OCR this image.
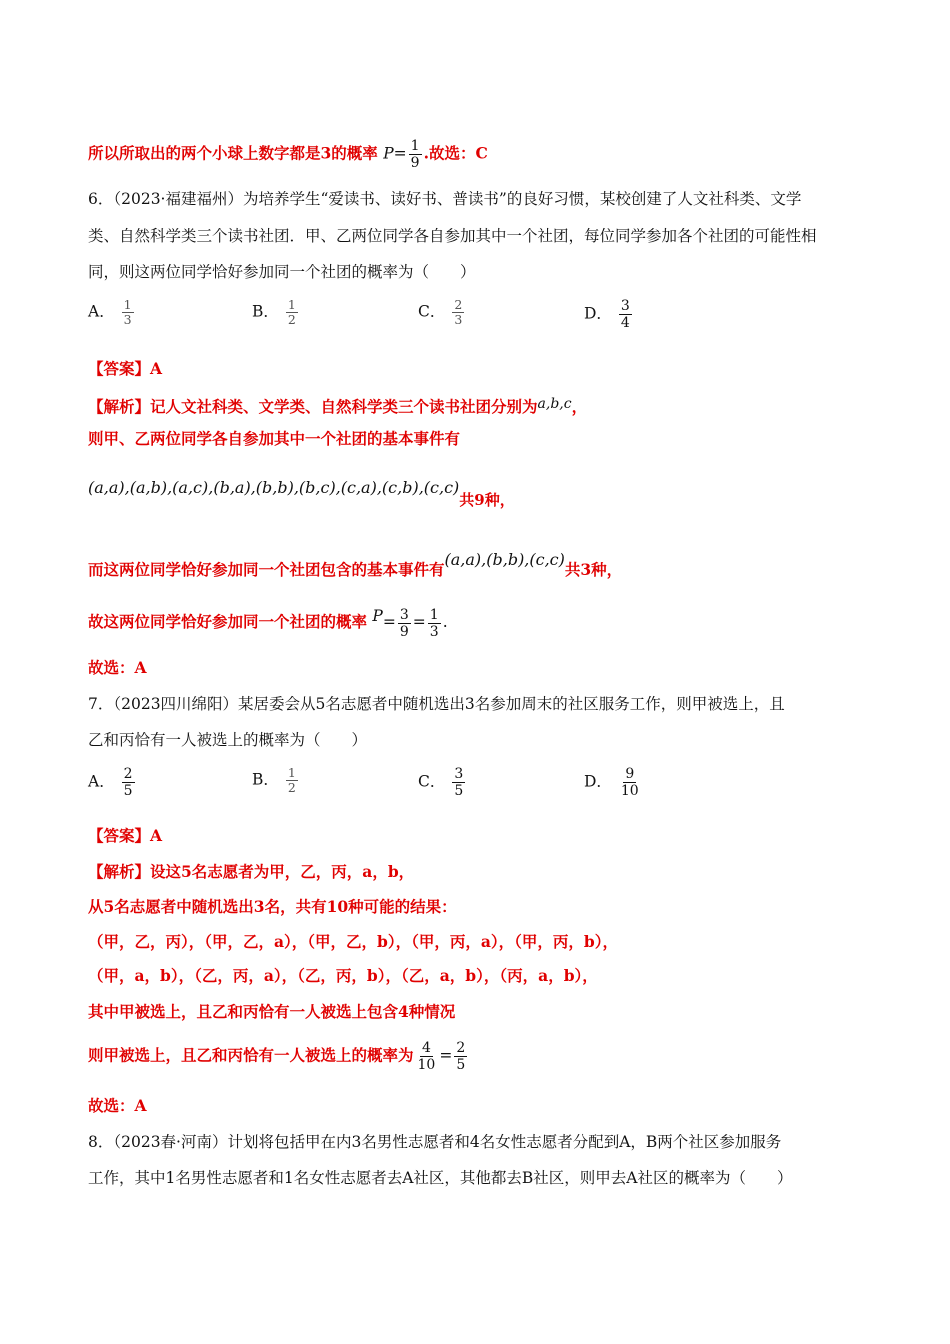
所以所取出的两个小球上数字都是3的概率 $P= \frac{1}{9}$ .故选：C
6．（2023·福建福州）为培养学生“爱读书、读好书、普读书”的良好习惯，某校创建了人文社科类、文学
类、自然科学类三个读书社团．甲、乙两位同学各自参加其中一个社团，每位同学参加各个社团的可能性相
同，则这两位同学恰好参加同一个社团的概率为（　　）
A． $\frac{1}{3}$	B． $\frac{1}{2}$	C． $\frac{2}{3}$	D． $\frac{3}{4}$
【答案】A
【解析】记人文社科类、文学类、自然科学类三个读书社团分别为a,b,c，
则甲、乙两位同学各自参加其中一个社团的基本事件有
(a,a),(a,b),(a,c),(b,a),(b,b),(b,c),(c,a),(c,b),(c,c)共9种，
而这两位同学恰好参加同一个社团包含的基本事件有(a,a),(b,b),(c,c)共3种，
故这两位同学恰好参加同一个社团的概率 $P= \frac{3}{9} = \frac{1}{3}$ .
故选：A
7．（2023四川绵阳）某居委会从5名志愿者中随机选出3名参加周末的社区服务工作，则甲被选上，且
乙和丙恰有一人被选上的概率为（　　）
A． $\frac{2}{5}$	B． $\frac{1}{2}$	C． $\frac{3}{5}$	D． $\frac{9}{10}$
【答案】A
【解析】设这5名志愿者为甲，乙，丙，a，b，
从5名志愿者中随机选出3名，共有10种可能的结果：
（甲，乙，丙），（甲，乙，a），（甲，乙，b），（甲，丙，a），（甲，丙，b），
（甲，a，b），（乙，丙，a），（乙，丙，b），（乙，a，b），（丙，a，b），
其中甲被选上，且乙和丙恰有一人被选上包含4种情况
则甲被选上，且乙和丙恰有一人被选上的概率为 $\frac{4}{10} = \frac{2}{5}$
故选：A
8．（2023春·河南）计划将包括甲在内3名男性志愿者和4名女性志愿者分配到A，B两个社区参加服务
工作，其中1名男性志愿者和1名女性志愿者去A社区，其他都去B社区，则甲去A社区的概率为（　　）
